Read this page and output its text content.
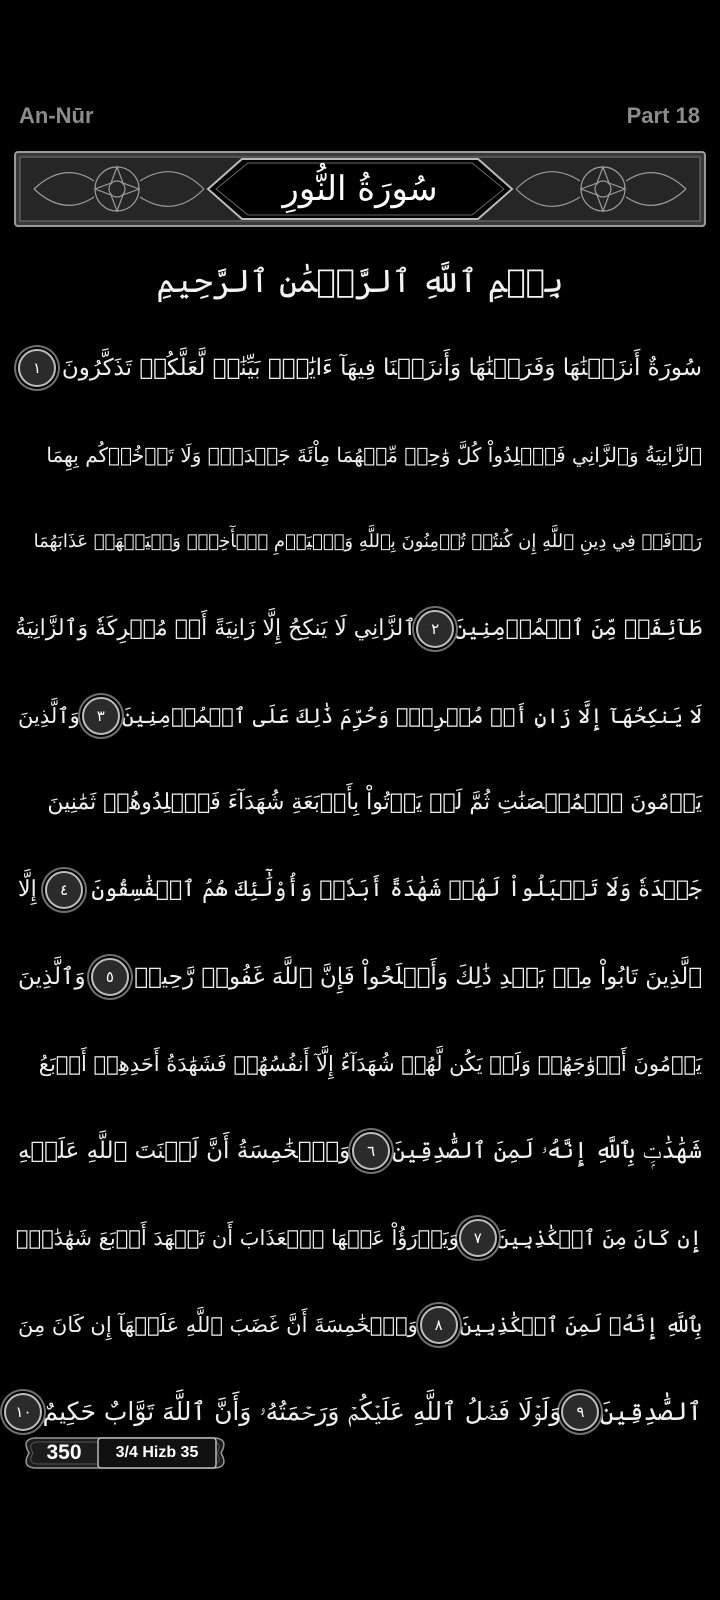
An-Nūr	Part 18
سُورَةُ النُّورِ
بِسۡمِ ٱللَّهِ ٱلرَّحۡمَٰنِ ٱلرَّحِيمِ
سُورَةٌ أَنزَلۡنَٰهَا وَفَرَضۡنَٰهَا وَأَنزَلۡنَا فِيهَآ ءَايَٰتِۭ بَيِّنَٰتٖ لَّعَلَّكُمۡ تَذَكَّرُونَ
١
ٱلزَّانِيَةُ وَٱلزَّانِي فَٱجۡلِدُواْ كُلَّ وَٰحِدٖ مِّنۡهُمَا مِاْئَةَ جَلۡدَةٖۖ وَلَا تَأۡخُذۡكُم بِهِمَا
رَأۡفَةٞ فِي دِينِ ٱللَّهِ إِن كُنتُمۡ تُؤۡمِنُونَ بِٱللَّهِ وَٱلۡيَوۡمِ ٱلۡأٓخِرِۖ وَلۡيَشۡهَدۡ عَذَابَهُمَا
طَآئِفَةٞ مِّنَ ٱلۡمُؤۡمِنِينَ
٢
ٱلزَّانِي لَا يَنكِحُ إِلَّا زَانِيَةً أَوۡ مُشۡرِكَةٗ وَٱلزَّانِيَةُ
لَا يَنكِحُهَآ إِلَّا زَانٍ أَوۡ مُشۡرِكٞۚ وَحُرِّمَ ذَٰلِكَ عَلَى ٱلۡمُؤۡمِنِينَ
٣
وَٱلَّذِينَ
يَرۡمُونَ ٱلۡمُحۡصَنَٰتِ ثُمَّ لَمۡ يَأۡتُواْ بِأَرۡبَعَةِ شُهَدَآءَ فَٱجۡلِدُوهُمۡ ثَمَٰنِينَ
جَلۡدَةٗ وَلَا تَقۡبَلُواْ لَهُمۡ شَهَٰدَةً أَبَدٗاۚ وَأُوْلَٰٓئِكَ هُمُ ٱلۡفَٰسِقُونَ
٤
إِلَّا
ٱلَّذِينَ تَابُواْ مِنۢ بَعۡدِ ذَٰلِكَ وَأَصۡلَحُواْ فَإِنَّ ٱللَّهَ غَفُورٞ رَّحِيمٞ
٥
وَٱلَّذِينَ
يَرۡمُونَ أَزۡوَٰجَهُمۡ وَلَمۡ يَكُن لَّهُمۡ شُهَدَآءُ إِلَّآ أَنفُسُهُمۡ فَشَهَٰدَةُ أَحَدِهِمۡ أَرۡبَعُ
شَهَٰدَٰتِۭ بِٱللَّهِ إِنَّهُۥ لَمِنَ ٱلصَّٰدِقِينَ
٦
وَٱلۡخَٰمِسَةُ أَنَّ لَعۡنَتَ ٱللَّهِ عَلَيۡهِ
إِن كَانَ مِنَ ٱلۡكَٰذِبِينَ
٧
وَيَدۡرَؤُاْ عَنۡهَا ٱلۡعَذَابَ أَن تَشۡهَدَ أَرۡبَعَ شَهَٰدَٰتِۭ
بِٱللَّهِ إِنَّهُۥ لَمِنَ ٱلۡكَٰذِبِينَ
٨
وَٱلۡخَٰمِسَةَ أَنَّ غَضَبَ ٱللَّهِ عَلَيۡهَآ إِن كَانَ مِنَ
ٱلصَّٰدِقِينَ
٩
وَلَوۡلَا فَضۡلُ ٱللَّهِ عَلَيۡكُمۡ وَرَحۡمَتُهُۥ وَأَنَّ ٱللَّهَ تَوَّابٌ حَكِيمٌ
١٠
350	3/4 Hizb 35
